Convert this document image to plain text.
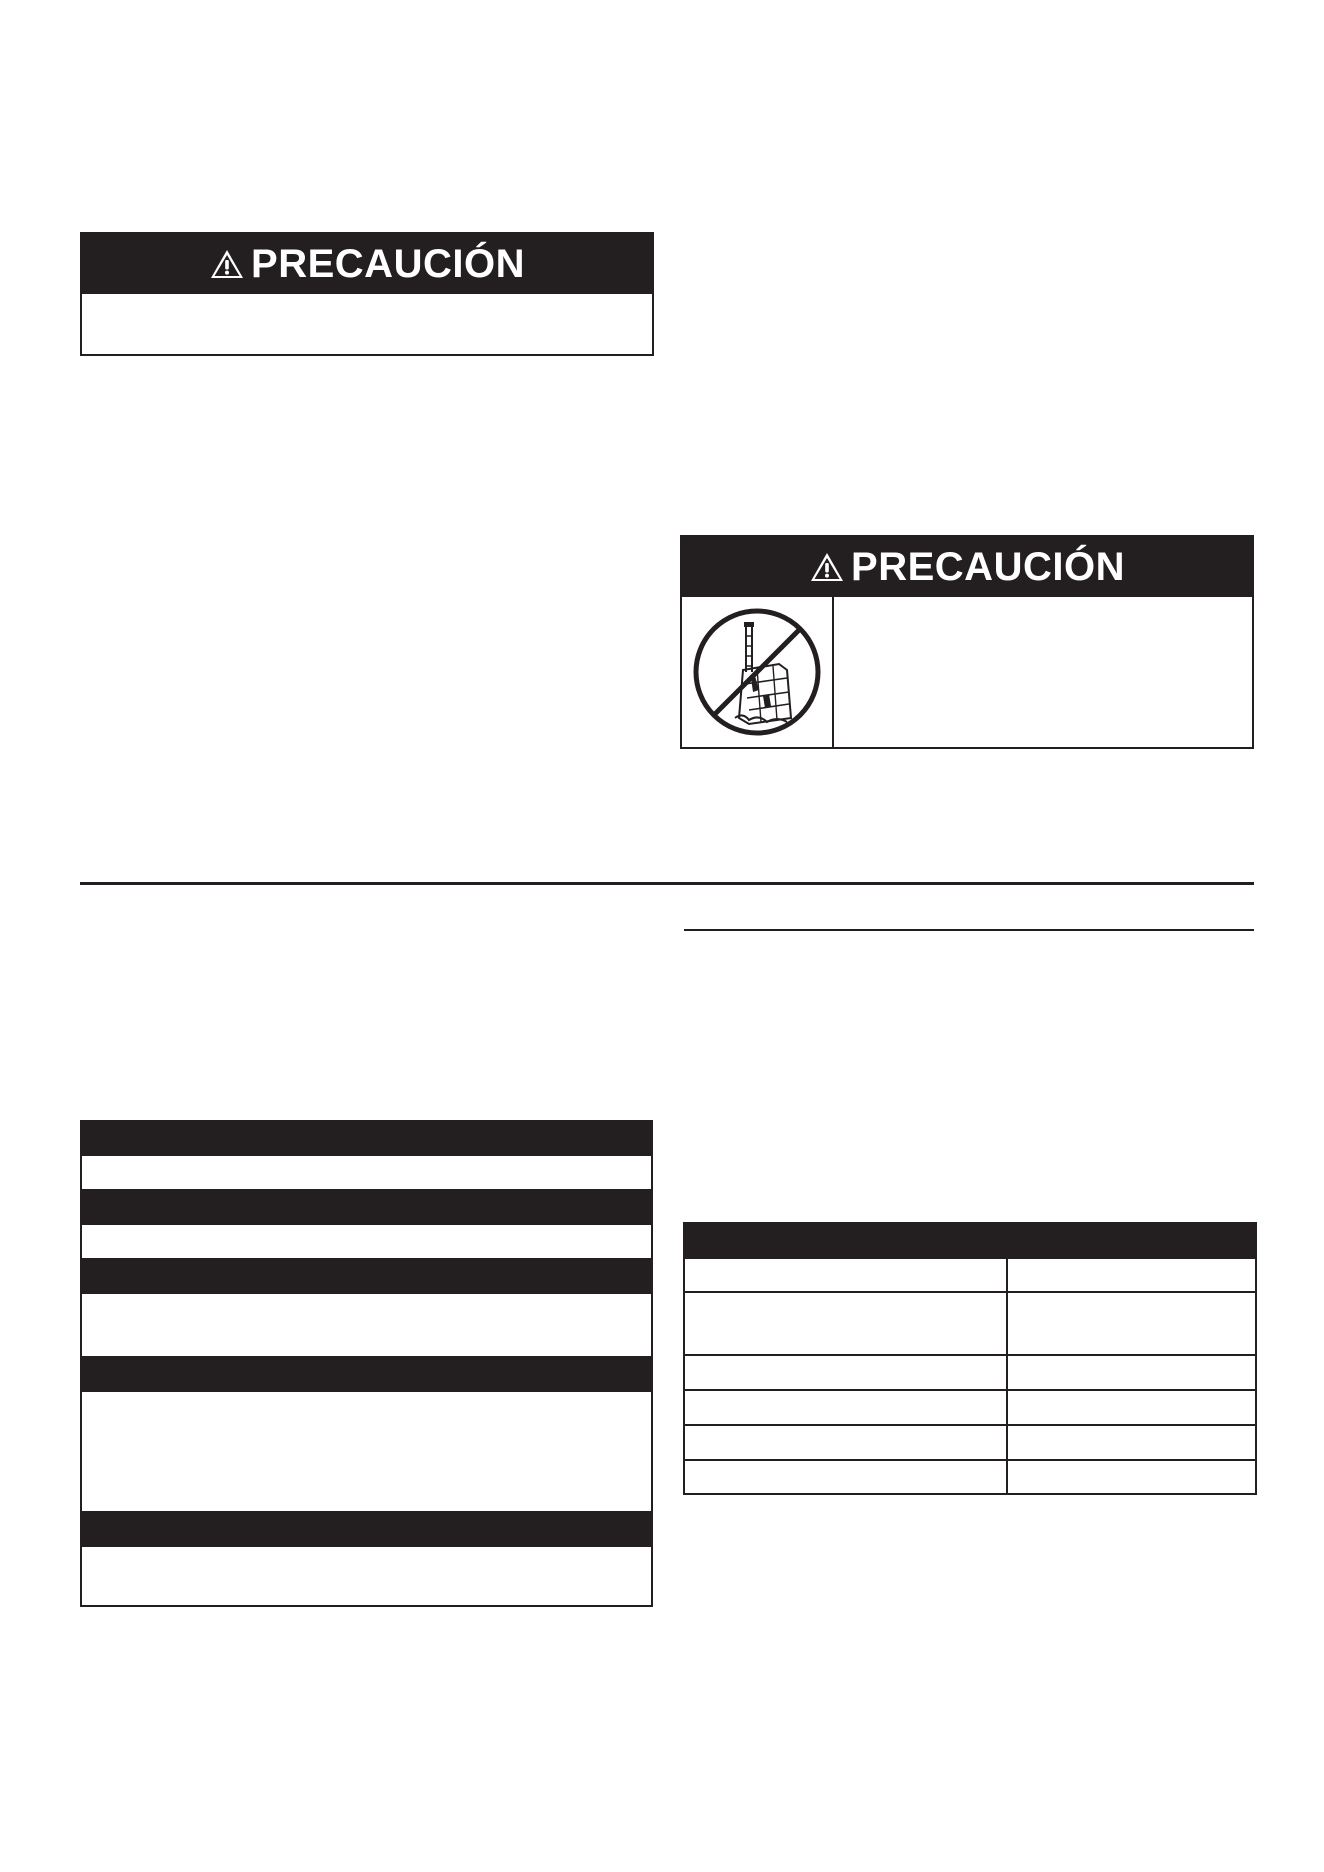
PRECAUCIÓN
PRECAUCIÓN
